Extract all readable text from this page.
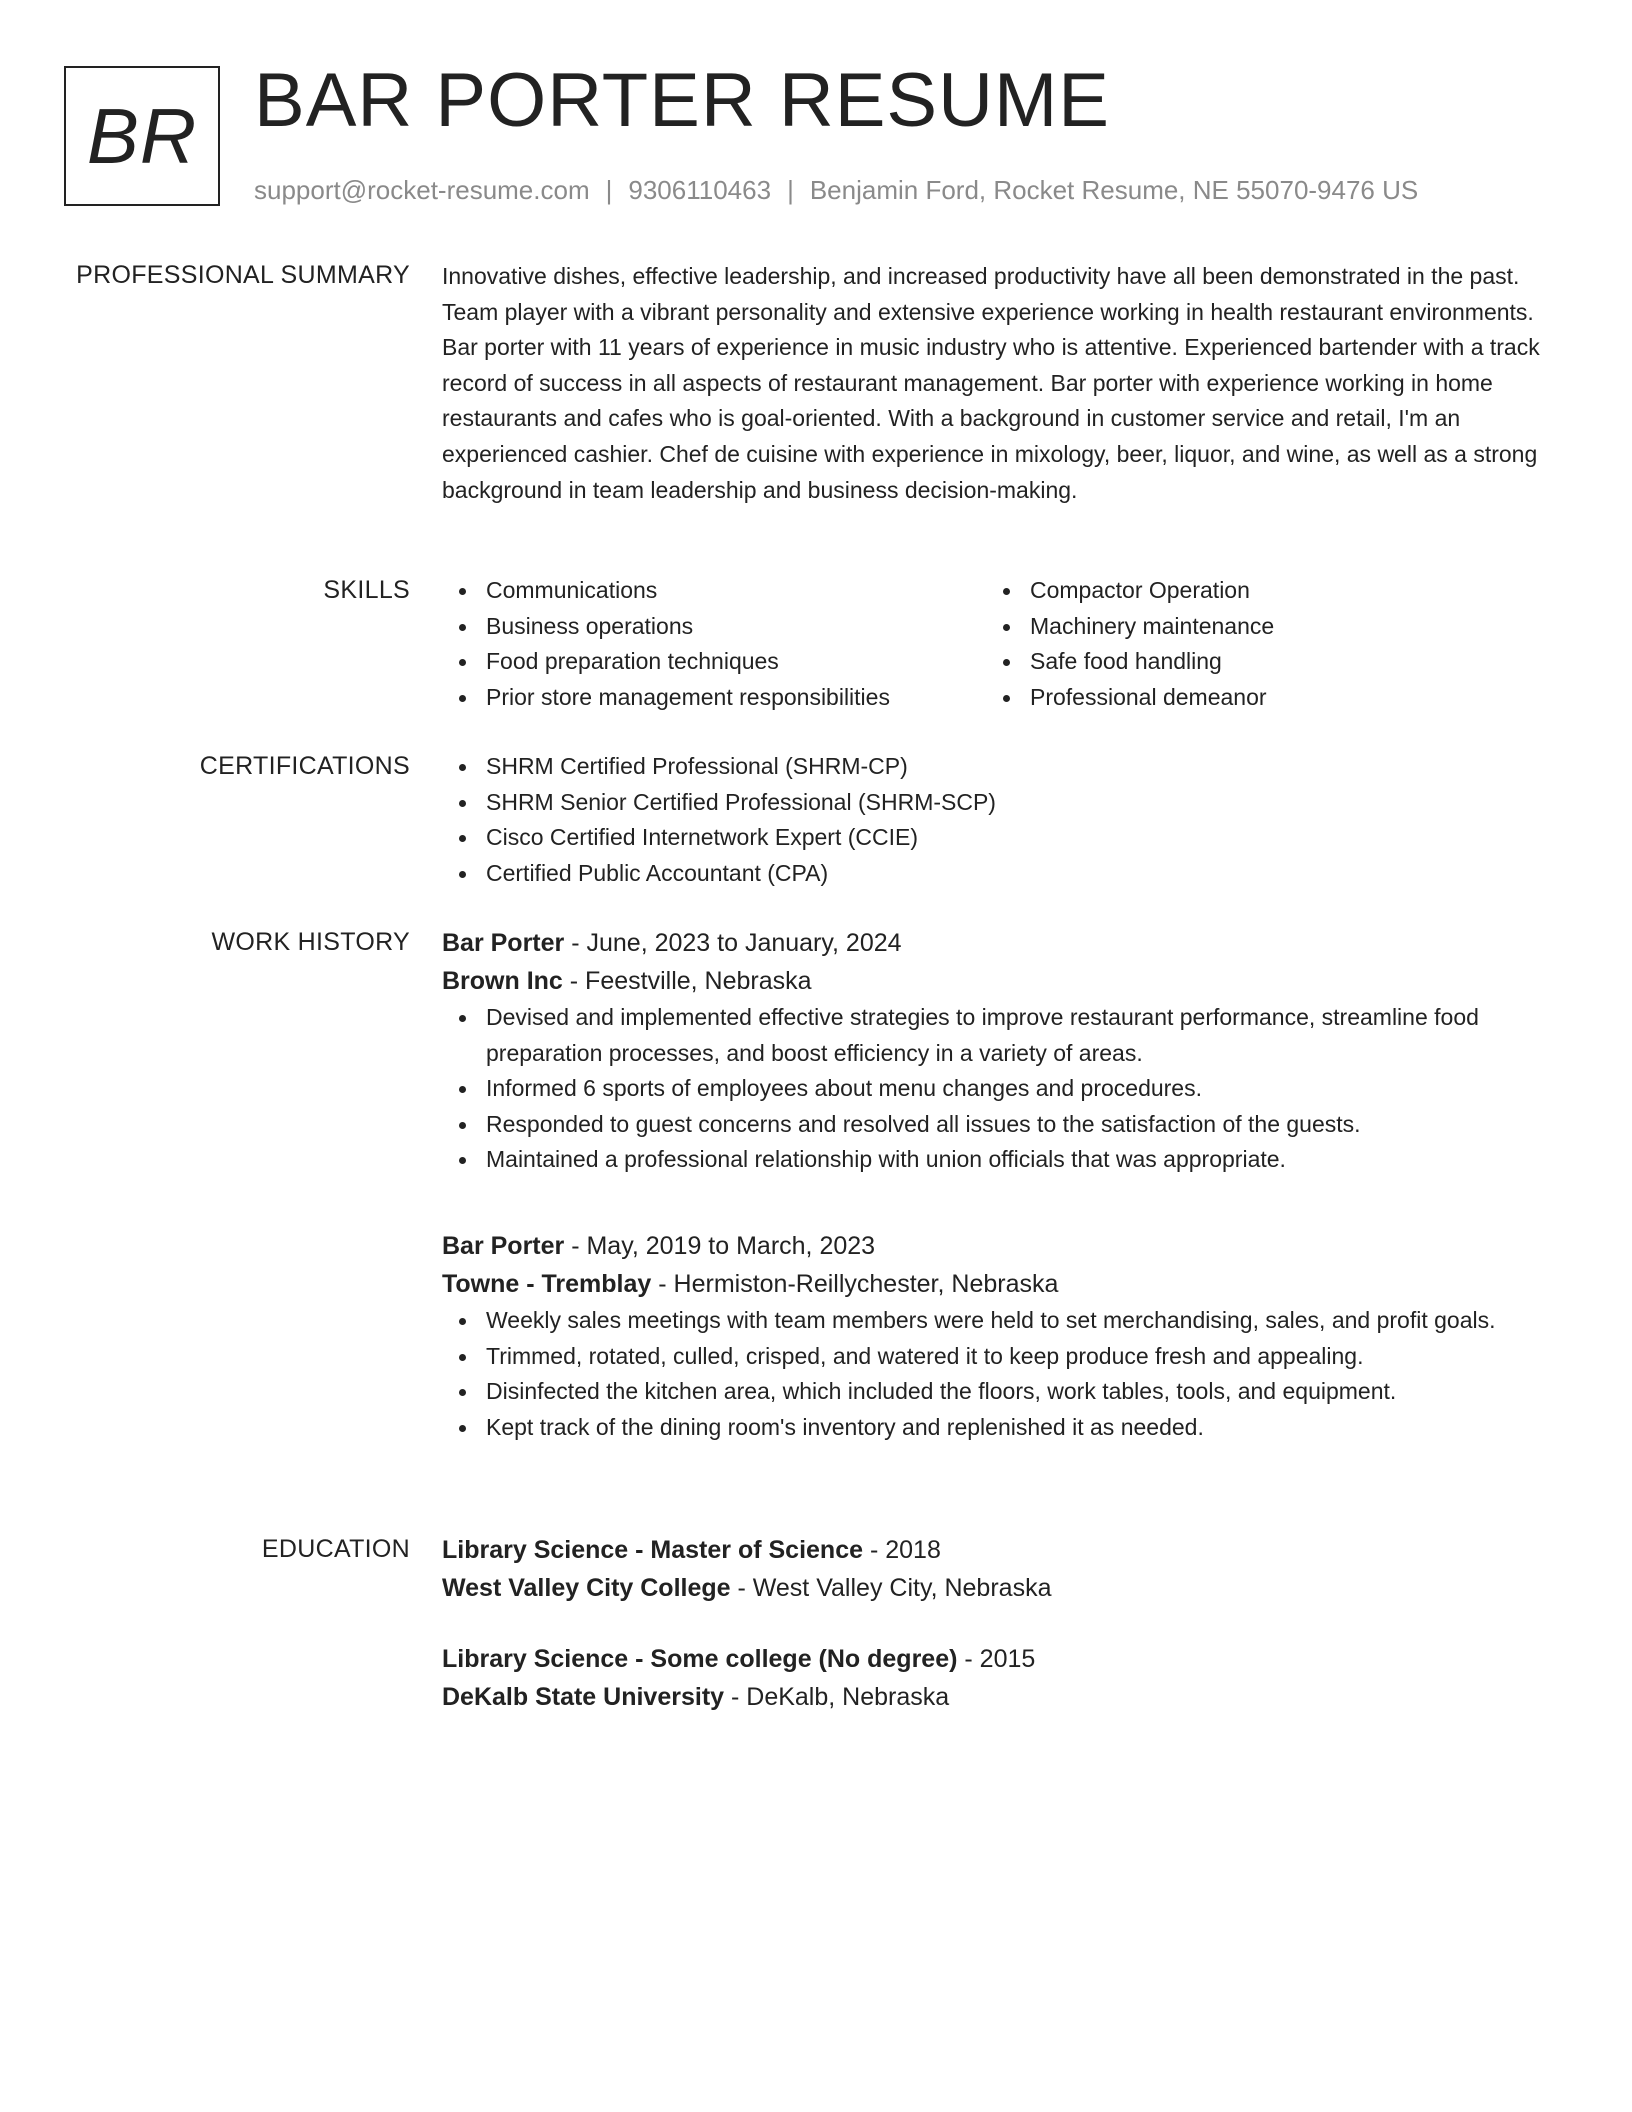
BR BAR PORTER RESUME
support@rocket-resume.com | 9306110463 | Benjamin Ford, Rocket Resume, NE 55070-9476 US
PROFESSIONAL SUMMARY Innovative dishes, effective leadership, and increased productivity have all been demonstrated in the past. Team player with a vibrant personality and extensive experience working in health restaurant environments. Bar porter with 11 years of experience in music industry who is attentive. Experienced bartender with a track record of success in all aspects of restaurant management. Bar porter with experience working in home restaurants and cafes who is goal-oriented. With a background in customer service and retail, I'm an experienced cashier. Chef de cuisine with experience in mixology, beer, liquor, and wine, as well as a strong background in team leadership and business decision-making.

SKILLS	Communications
Business operations
Food preparation techniques
Prior store management responsibilities
Compactor Operation
Machinery maintenance
Safe food handling
Professional demeanor
CERTIFICATIONS	SHRM Certified Professional (SHRM-CP)
SHRM Senior Certified Professional (SHRM-SCP)
Cisco Certified Internetwork Expert (CCIE)
Certified Public Accountant (CPA)
WORK HISTORY Bar Porter - June, 2023 to January, 2024
Brown Inc - Feestville, Nebraska
Devised and implemented effective strategies to improve restaurant performance, streamline food preparation processes, and boost efficiency in a variety of areas.
Informed 6 sports of employees about menu changes and procedures.
Responded to guest concerns and resolved all issues to the satisfaction of the guests.
Maintained a professional relationship with union officials that was appropriate.
Bar Porter - May, 2019 to March, 2023
Towne - Tremblay - Hermiston-Reillychester, Nebraska
Weekly sales meetings with team members were held to set merchandising, sales, and profit goals.
Trimmed, rotated, culled, crisped, and watered it to keep produce fresh and appealing.
Disinfected the kitchen area, which included the floors, work tables, tools, and equipment.
Kept track of the dining room's inventory and replenished it as needed.
EDUCATION Library Science - Master of Science - 2018
West Valley City College - West Valley City, Nebraska
Library Science - Some college (No degree) - 2015
DeKalb State University - DeKalb, Nebraska
